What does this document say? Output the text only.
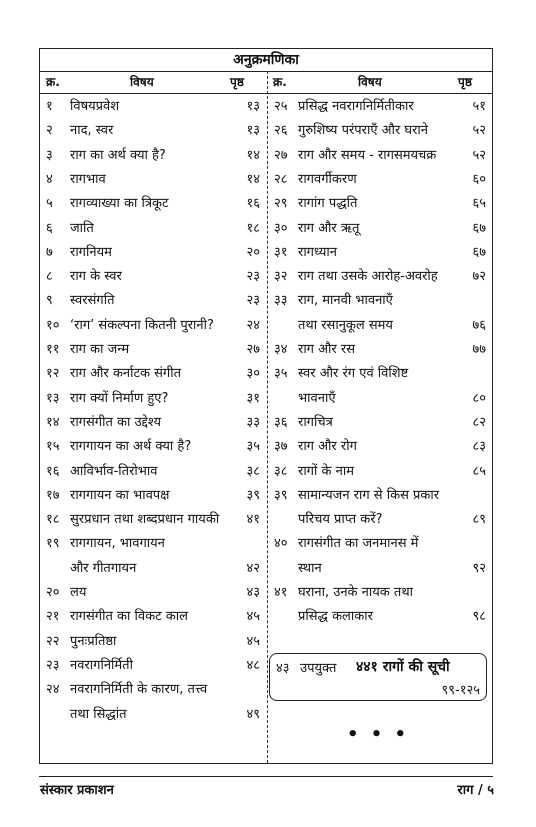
अनुक्रमणिका
क्र.	विषय	पृष्ठ क्र.	विषय	पृष्ठ
१ विषयप्रवेश	१३
२ नाद, स्वर	१३
३ राग का अर्थ क्या है?	१४
४ रागभाव	१४
५ रागव्याख्या का त्रिकूट	१६
६ जाति	१८
७ रागनियम	२०
८ राग के स्वर	२३
९ स्वरसंगति	२३
१० ‘राग’ संकल्पना कितनी पुरानी?	२४
११ राग का जन्म	२७
१२ राग और कर्नाटक संगीत	३०
१३ राग क्यों निर्माण हुए?	३१
१४ रागसंगीत का उद्देश्य	३३
१५ रागगायन का अर्थ क्या है?	३५
१६ आविर्भाव-तिरोभाव	३८
१७ रागगायन का भावपक्ष	३९
१८ सुरप्रधान तथा शब्दप्रधान गायकी ४१
१९ रागगायन, भावगायन
और गीतगायन	४२
२० लय	४३
२१ रागसंगीत का विकट काल	४५
२२ पुनःप्रतिष्ठा	४५
२३ नवरागनिर्मिती	४८
२४ नवरागनिर्मिती के कारण, तत्त्व
तथा सिद्धांत	४९
२५ प्रसिद्ध नवरागनिर्मितीकार	५१
२६ गुरुशिष्य परंपराएँ और घराने	५२
२७ राग और समय - रागसमयचक्र	५२
२८ रागवर्गीकरण	६०
२९ रागांग पद्धति	६५
३० राग और ऋतू	६७
३१ रागध्यान	६७
३२ राग तथा उसके आरोह-अवरोह	७२
३३ राग, मानवी भावनाएँ
तथा रसानुकूल समय	७६
३४ राग और रस	७७
३५ स्वर और रंग एवं विशिष्ट
भावनाएँ	८०
३६ रागचित्र	८२
३७ राग और रोग	८३
३८ रागों के नाम	८५
३९ सामान्यजन राग से किस प्रकार
परिचय प्राप्त करें?	८९
४० रागसंगीत का जनमानस में
स्थान	९२
४१ घराना, उनके नायक तथा
प्रसिद्ध कलाकार	९८
४३ उपयुक्त ४४१ रागों की सूची
९९-१२५
• • •
संस्कार प्रकाशन	राग / ५
